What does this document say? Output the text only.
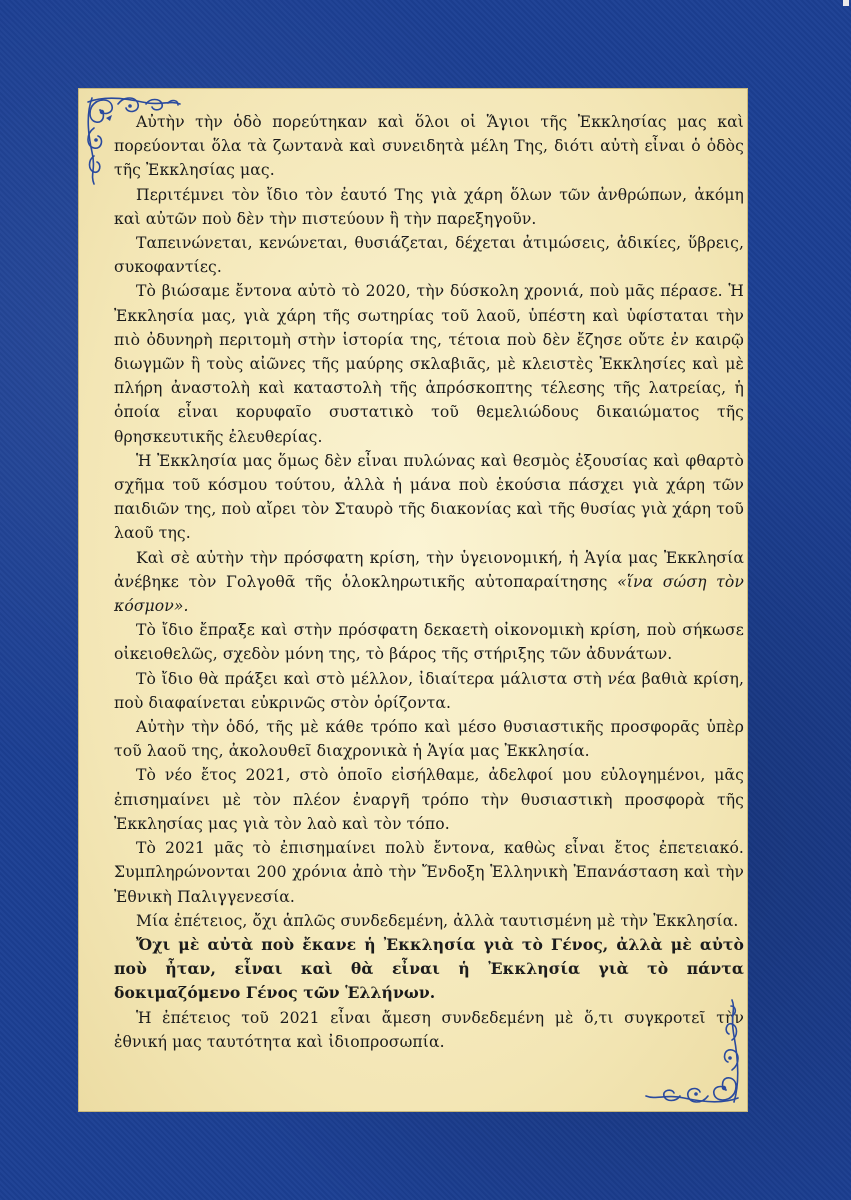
Αὐτὴν τὴν ὁδὸ πορεύτηκαν καὶ ὅλοι οἱ Ἅγιοι τῆς Ἐκκλησίας μας καὶ πορεύονται ὅλα τὰ ζωντανὰ καὶ συνειδητὰ μέλη Της, διότι αὐτὴ εἶναι ὁ ὁδὸς τῆς Ἐκκλησίας μας.

Περιτέμνει τὸν ἴδιο τὸν ἑαυτό Της γιὰ χάρη ὅλων τῶν ἀνθρώπων, ἀκόμη καὶ αὐτῶν ποὺ δὲν τὴν πιστεύουν ἢ τὴν παρεξηγοῦν.

Ταπεινώνεται, κενώνεται, θυσιάζεται, δέχεται ἀτιμώσεις, ἀδικίες, ὕβρεις, συκοφαντίες.

Τὸ βιώσαμε ἔντονα αὐτὸ τὸ 2020, τὴν δύσκολη χρονιά, ποὺ μᾶς πέρασε. Ἡ Ἐκκλησία μας, γιὰ χάρη τῆς σωτηρίας τοῦ λαοῦ, ὑπέστη καὶ ὑφίσταται τὴν πιὸ ὀδυνηρὴ περιτομὴ στὴν ἱστορία της, τέτοια ποὺ δὲν ἔζησε οὔτε ἐν καιρῷ διωγμῶν ἢ τοὺς αἰῶνες τῆς μαύρης σκλαβιᾶς, μὲ κλειστὲς Ἐκκλησίες καὶ μὲ πλήρη ἀναστολὴ καὶ καταστολὴ τῆς ἀπρόσκοπτης τέλεσης τῆς λατρείας, ἡ ὁποία εἶναι κορυφαῖο συστατικὸ τοῦ θεμελιώδους δικαιώματος τῆς θρησκευτικῆς ἐλευθερίας.

Ἡ Ἐκκλησία μας ὅμως δὲν εἶναι πυλώνας καὶ θεσμὸς ἐξουσίας καὶ φθαρτὸ σχῆμα τοῦ κόσμου τούτου, ἀλλὰ ἡ μάνα ποὺ ἑκούσια πάσχει γιὰ χάρη τῶν παιδιῶν της, ποὺ αἴρει τὸν Σταυρὸ τῆς διακονίας καὶ τῆς θυσίας γιὰ χάρη τοῦ λαοῦ της.

Καὶ σὲ αὐτὴν τὴν πρόσφατη κρίση, τὴν ὑγειονομική, ἡ Ἁγία μας Ἐκκλησία ἀνέβηκε τὸν Γολγοθᾶ τῆς ὁλοκληρωτικῆς αὐτοπαραίτησης «ἵνα σώση τὸν κόσμον».

Τὸ ἴδιο ἔπραξε καὶ στὴν πρόσφατη δεκαετὴ οἰκονομικὴ κρίση, ποὺ σήκωσε οἰκειοθελῶς, σχεδὸν μόνη της, τὸ βάρος τῆς στήριξης τῶν ἀδυνάτων.

Τὸ ἴδιο θὰ πράξει καὶ στὸ μέλλον, ἰδιαίτερα μάλιστα στὴ νέα βαθιὰ κρίση, ποὺ διαφαίνεται εὐκρινῶς στὸν ὁρίζοντα.

Αὐτὴν τὴν ὁδό, τῆς μὲ κάθε τρόπο καὶ μέσο θυσιαστικῆς προσφορᾶς ὑπὲρ τοῦ λαοῦ της, ἀκολουθεῖ διαχρονικὰ ἡ Ἁγία μας Ἐκκλησία.

Τὸ νέο ἔτος 2021, στὸ ὁποῖο εἰσήλθαμε, ἀδελφοί μου εὐλογημένοι, μᾶς ἐπισημαίνει μὲ τὸν πλέον ἐναργῆ τρόπο τὴν θυσιαστικὴ προσφορὰ τῆς Ἐκκλησίας μας γιὰ τὸν λαὸ καὶ τὸν τόπο.

Τὸ 2021 μᾶς τὸ ἐπισημαίνει πολὺ ἔντονα, καθὼς εἶναι ἔτος ἐπετειακό. Συμπληρώνονται 200 χρόνια ἀπὸ τὴν Ἔνδοξη Ἑλληνικὴ Ἐπανάσταση καὶ τὴν Ἐθνικὴ Παλιγγενεσία.

Μία ἐπέτειος, ὄχι ἁπλῶς συνδεδεμένη, ἀλλὰ ταυτισμένη μὲ τὴν Ἐκκλησία.

Ὄχι μὲ αὐτὰ ποὺ ἔκανε ἡ Ἐκκλησία γιὰ τὸ Γένος, ἀλλὰ μὲ αὐτὸ ποὺ ἦταν, εἶναι καὶ θὰ εἶναι ἡ Ἐκκλησία γιὰ τὸ πάντα δοκιμαζόμενο Γένος τῶν Ἑλλήνων.

Ἡ ἐπέτειος τοῦ 2021 εἶναι ἄμεση συνδεδεμένη μὲ ὅ,τι συγκροτεῖ τὴν ἐθνική μας ταυτότητα καὶ ἰδιοπροσωπία.
